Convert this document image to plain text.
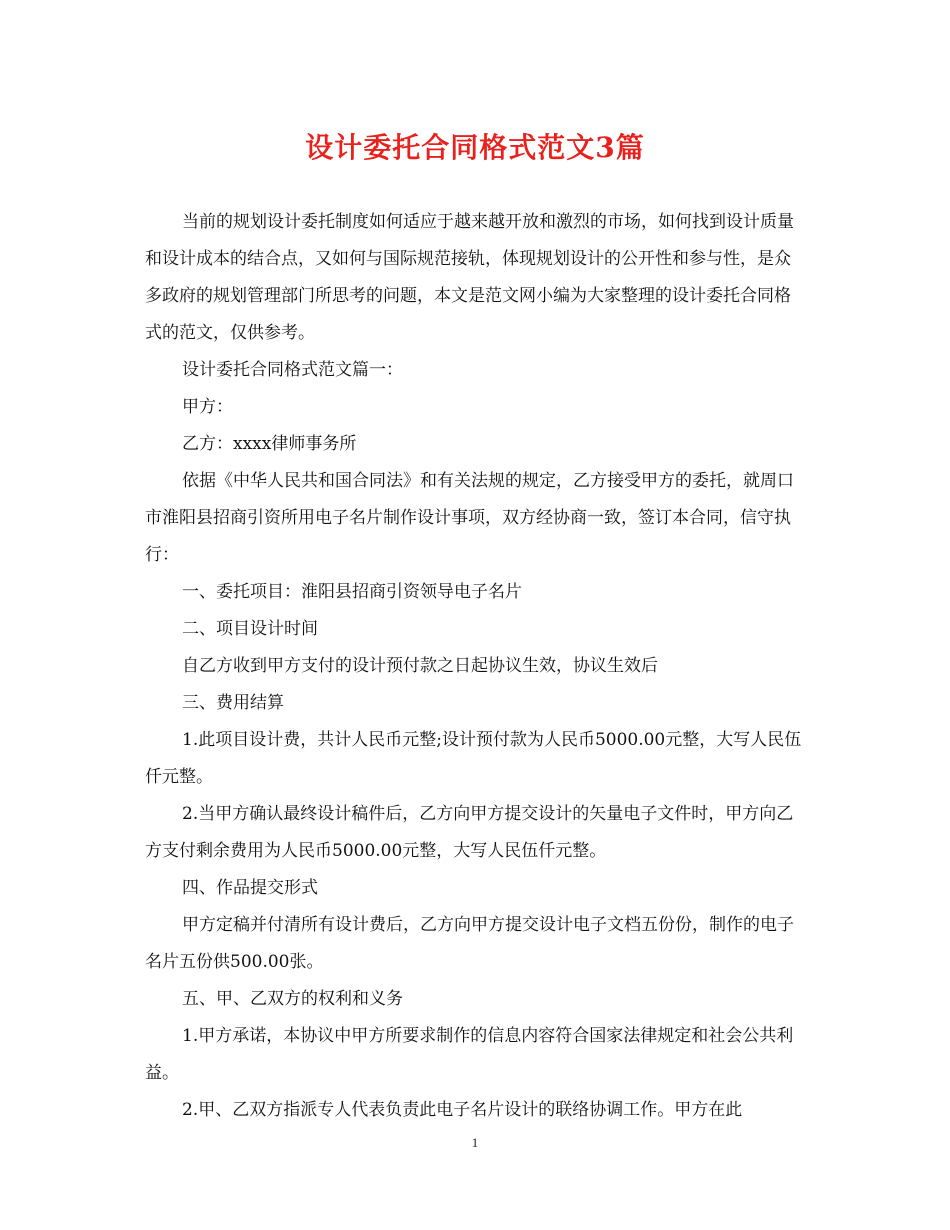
设计委托合同格式范文3篇

当前的规划设计委托制度如何适应于越来越开放和激烈的市场，如何找到设计质量和设计成本的结合点，又如何与国际规范接轨，体现规划设计的公开性和参与性，是众多政府的规划管理部门所思考的问题，本文是范文网小编为大家整理的设计委托合同格式的范文，仅供参考。

设计委托合同格式范文篇一：

甲方：

乙方：xxxx律师事务所

依据《中华人民共和国合同法》和有关法规的规定，乙方接受甲方的委托，就周口市淮阳县招商引资所用电子名片制作设计事项，双方经协商一致，签订本合同，信守执行：

一、委托项目：淮阳县招商引资领导电子名片

二、项目设计时间

自乙方收到甲方支付的设计预付款之日起协议生效，协议生效后

三、费用结算

1.此项目设计费，共计人民币元整;设计预付款为人民币5000.00元整，大写人民伍仟元整。

2.当甲方确认最终设计稿件后，乙方向甲方提交设计的矢量电子文件时，甲方向乙方支付剩余费用为人民币5000.00元整，大写人民伍仟元整。

四、作品提交形式

甲方定稿并付清所有设计费后，乙方向甲方提交设计电子文档五份份，制作的电子名片五份供500.00张。

五、甲、乙双方的权利和义务

1.甲方承诺，本协议中甲方所要求制作的信息内容符合国家法律规定和社会公共利益。

2.甲、乙双方指派专人代表负责此电子名片设计的联络协调工作。甲方在此

1
